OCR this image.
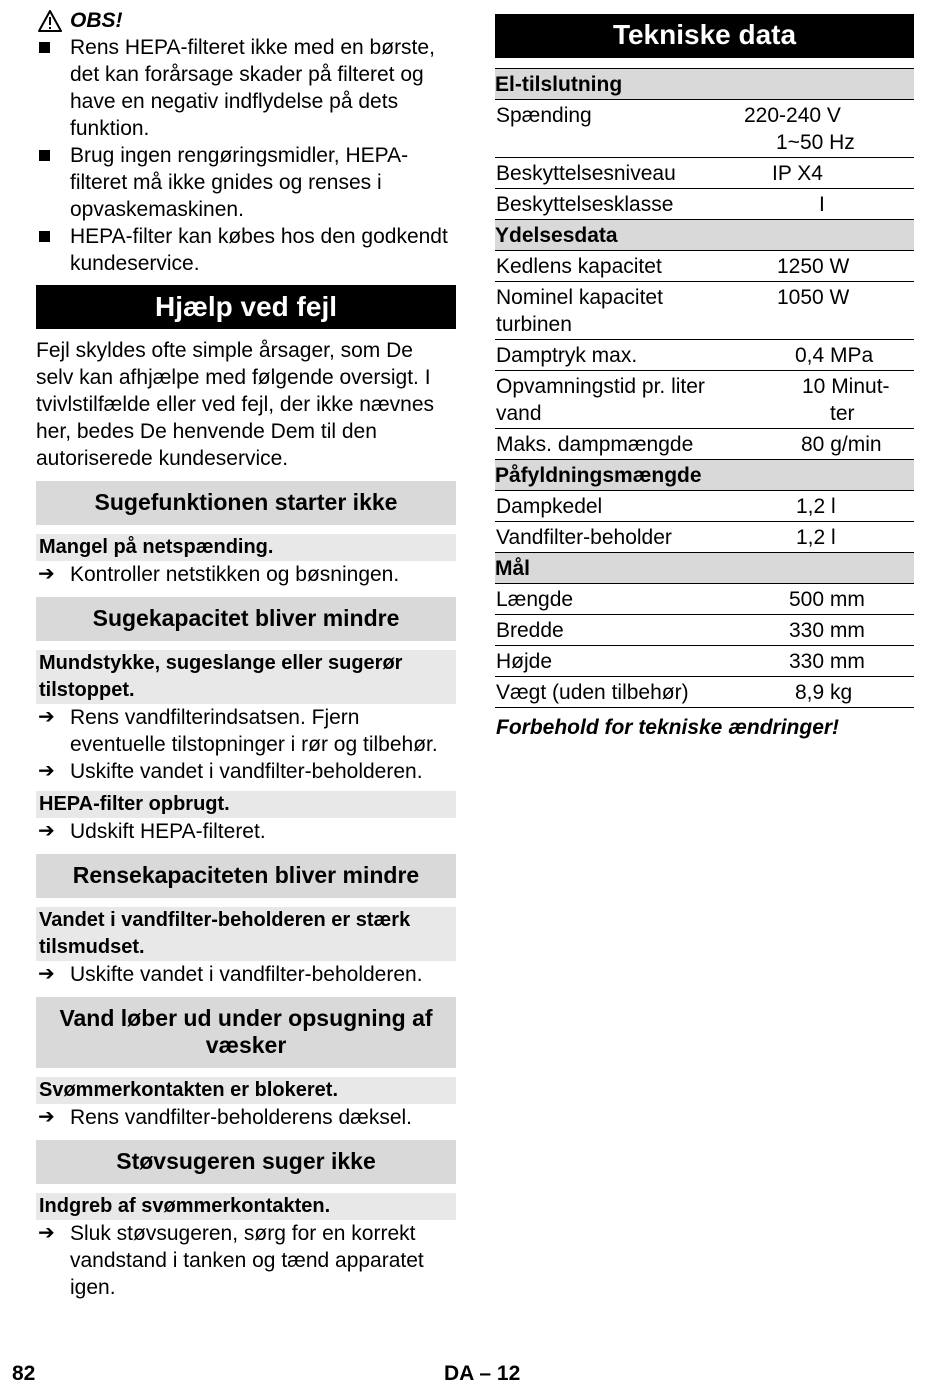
OBS!
Rens HEPA-filteret ikke med en børste, det kan forårsage skader på filteret og have en negativ indflydelse på dets funktion.
Brug ingen rengøringsmidler, HEPA-filteret må ikke gnides og renses i opvaskemaskinen.
HEPA-filter kan købes hos den godkendt kundeservice.
Hjælp ved fejl

Fejl skyldes ofte simple årsager, som De selv kan afhjælpe med følgende oversigt. I tvivlstilfælde eller ved fejl, der ikke nævnes her, bedes De henvende Dem til den autoriserede kundeservice.

Sugefunktionen starter ikke
Mangel på netspænding.
➔ Kontroller netstikken og bøsningen.
Sugekapacitet bliver mindre
Mundstykke, sugeslange eller sugerør tilstoppet.
➔ Rens vandfilterindsatsen. Fjern eventuelle tilstopninger i rør og tilbehør.
➔ Uskifte vandet i vandfilter-beholderen.
HEPA-filter opbrugt.
➔ Udskift HEPA-filteret.
Rensekapaciteten bliver mindre
Vandet i vandfilter-beholderen er stærk tilsmudset.
➔ Uskifte vandet i vandfilter-beholderen.
Vand løber ud under opsugning af væsker
Svømmerkontakten er blokeret.
➔ Rens vandfilter-beholderens dæksel.
Støvsugeren suger ikke
Indgreb af svømmerkontakten.
➔ Sluk støvsugeren, sørg for en korrekt vandstand i tanken og tænd apparatet igen.
Tekniske data
El-tilslutning	
Spænding	220-240 V
1~50 Hz

Beskyttelsesniveau	IP X4
Beskyttelsesklasse	I
Ydelsesdata	
Kedlens kapacitet	1250 W
Nominel kapacitet turbinen	1050 W
Damptryk max.	0,4 MPa
Opvamningstid pr. liter vand	10 Minut-
ter

Maks. dampmængde	80 g/min
Påfyldningsmængde	
Dampkedel	1,2 l
Vandfilter-beholder	1,2 l
Mål	
Længde	500 mm
Bredde	330 mm
Højde	330 mm
Vægt (uden tilbehør)	8,9 kg
Forbehold for tekniske ændringer!
82	DA – 12
